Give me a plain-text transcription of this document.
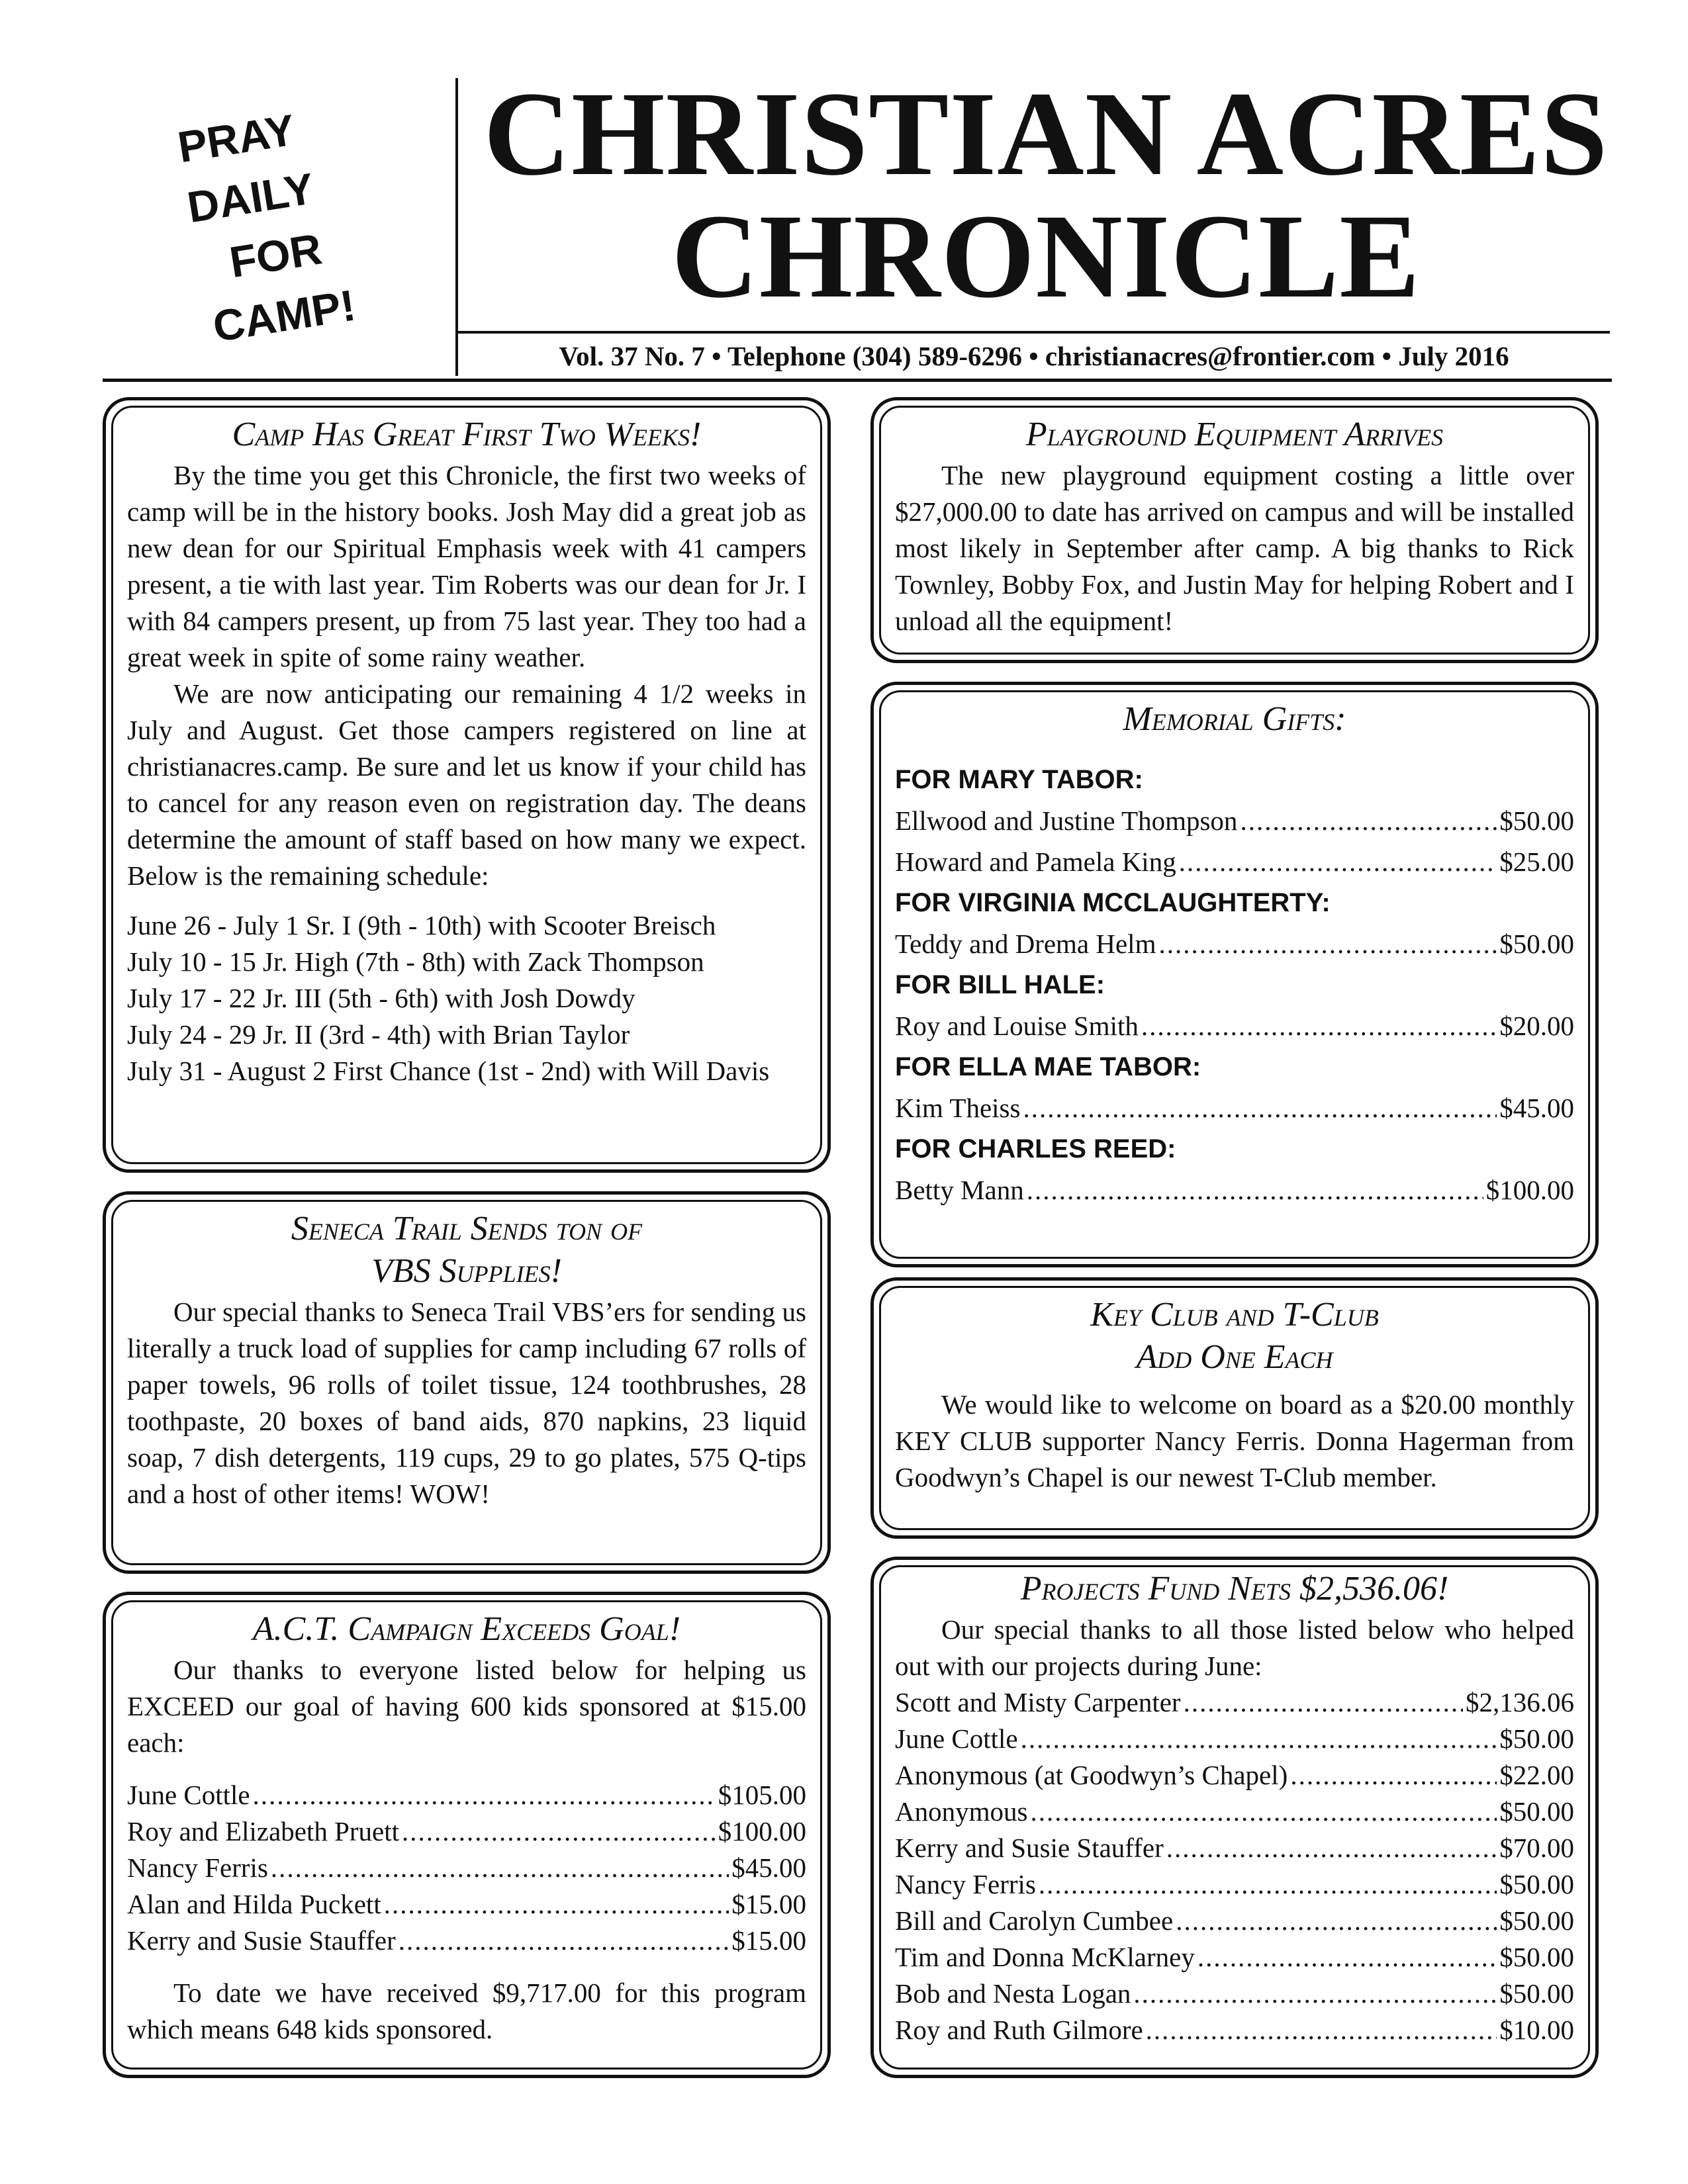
PRAY
DAILY
FOR
CAMP!
CHRISTIAN ACRES
CHRONICLE
Vol. 37 No. 7 • Telephone (304) 589-6296 • christianacres@frontier.com • July 2016
Camp Has Great First Two Weeks!

By the time you get this Chronicle, the first two weeks of camp will be in the history books. Josh May did a great job as new dean for our Spiritual Emphasis week with 41 campers present, a tie with last year. Tim Roberts was our dean for Jr. I with 84 campers present, up from 75 last year. They too had a great week in spite of some rainy weather.

We are now anticipating our remaining 4 1/2 weeks in July and August. Get those campers registered on line at christianacres.camp. Be sure and let us know if your child has to cancel for any reason even on registration day. The deans determine the amount of staff based on how many we expect. Below is the remaining schedule:

June 26 - July 1 Sr. I (9th - 10th) with Scooter Breisch
July 10 - 15 Jr. High (7th - 8th) with Zack Thompson
July 17 - 22 Jr. III (5th - 6th) with Josh Dowdy
July 24 - 29 Jr. II (3rd - 4th) with Brian Taylor
July 31 - August 2 First Chance (1st - 2nd) with Will Davis
Seneca Trail Sends ton of
VBS Supplies!

Our special thanks to Seneca Trail VBS’ers for sending us literally a truck load of supplies for camp including 67 rolls of paper towels, 96 rolls of toilet tissue, 124 toothbrushes, 28 toothpaste, 20 boxes of band aids, 870 napkins, 23 liquid soap, 7 dish detergents, 119 cups, 29 to go plates, 575 Q-tips and a host of other items! WOW!

A.C.T. Campaign Exceeds Goal!

Our thanks to everyone listed below for helping us EXCEED our goal of having 600 kids sponsored at $15.00 each:

June Cottle .....	$105.00
Roy and Elizabeth Pruett .....	$100.00
Nancy Ferris .....	$45.00
Alan and Hilda Puckett .....	$15.00
Kerry and Susie Stauffer .....	$15.00

To date we have received $9,717.00 for this program which means 648 kids sponsored.

Playground Equipment Arrives

The new playground equipment costing a little over $27,000.00 to date has arrived on campus and will be installed most likely in September after camp. A big thanks to Rick Townley, Bobby Fox, and Justin May for helping Robert and I unload all the equipment!

Memorial Gifts:
FOR MARY TABOR:
Ellwood and Justine Thompson .....	$50.00
Howard and Pamela King .....	$25.00
FOR VIRGINIA MCCLAUGHTERTY:
Teddy and Drema Helm .....	$50.00
FOR BILL HALE:
Roy and Louise Smith .....	$20.00
FOR ELLA MAE TABOR:
Kim Theiss .....	$45.00
FOR CHARLES REED:
Betty Mann .....	$100.00
Key Club and T-Club
Add One Each

We would like to welcome on board as a $20.00 monthly KEY CLUB supporter Nancy Ferris. Donna Hagerman from Goodwyn’s Chapel is our newest T-Club member.

Projects Fund Nets $2,536.06!

Our special thanks to all those listed below who helped out with our projects during June:

Scott and Misty Carpenter .....	$2,136.06
June Cottle .....	$50.00
Anonymous (at Goodwyn’s Chapel) .....	$22.00
Anonymous .....	$50.00
Kerry and Susie Stauffer .....	$70.00
Nancy Ferris .....	$50.00
Bill and Carolyn Cumbee .....	$50.00
Tim and Donna McKlarney .....	$50.00
Bob and Nesta Logan .....	$50.00
Roy and Ruth Gilmore .....	$10.00
